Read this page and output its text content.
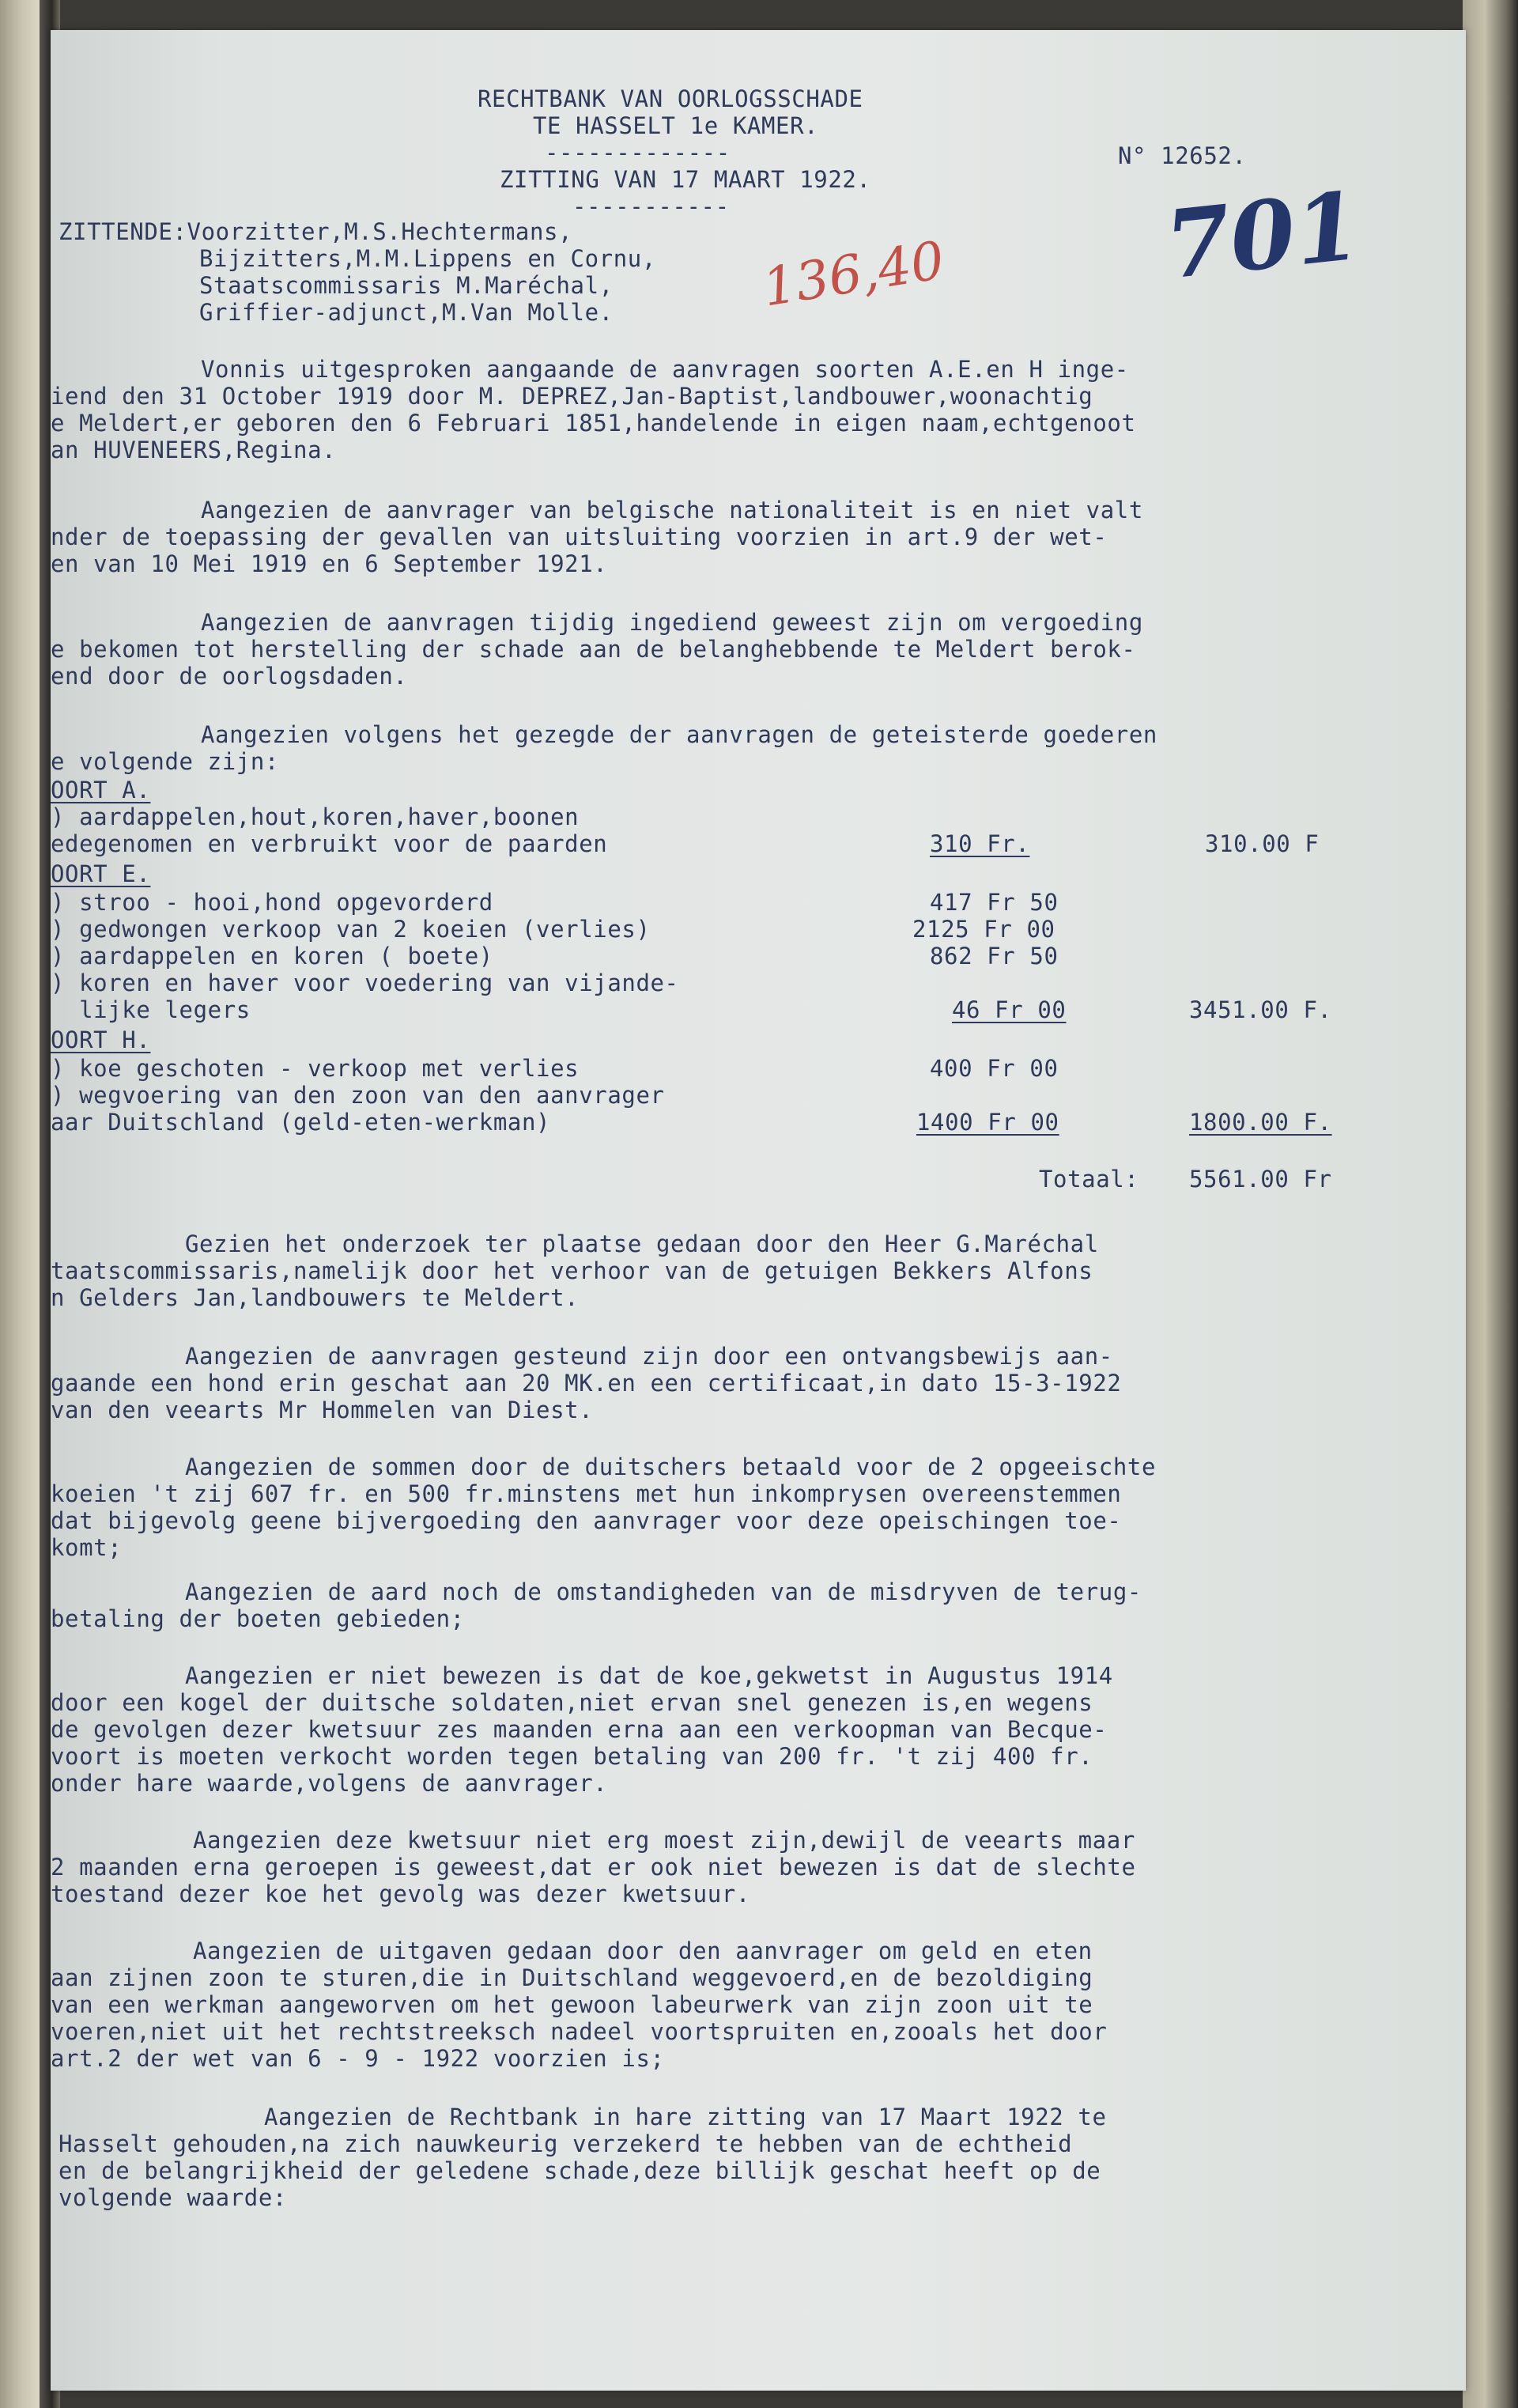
RECHTBANK VAN OORLOGSSCHADE
TE HASSELT 1e KAMER.
-------------
ZITTING VAN 17 MAART 1922.
-----------
N° 12652.
136,40 701
ZITTENDE:Voorzitter,M.S.Hechtermans,
Bijzitters,M.M.Lippens en Cornu,
Staatscommissaris M.Maréchal,
Griffier-adjunct,M.Van Molle.
Vonnis uitgesproken aangaande de aanvragen soorten A.E.en H inge-
iend den 31 October 1919 door M. DEPREZ,Jan-Baptist,landbouwer,woonachtig
e Meldert,er geboren den 6 Februari 1851,handelende in eigen naam,echtgenoot
an HUVENEERS,Regina.
Aangezien de aanvrager van belgische nationaliteit is en niet valt
nder de toepassing der gevallen van uitsluiting voorzien in art.9 der wet-
en van 10 Mei 1919 en 6 September 1921.
Aangezien de aanvragen tijdig ingediend geweest zijn om vergoeding
e bekomen tot herstelling der schade aan de belanghebbende te Meldert berok-
end door de oorlogsdaden.
Aangezien volgens het gezegde der aanvragen de geteisterde goederen
e volgende zijn:
OORT A.
) aardappelen,hout,koren,haver,boonen
edegenomen en verbruikt voor de paarden	310 Fr.	310.00 F
OORT E.
) stroo - hooi,hond opgevorderd	417 Fr 50
) gedwongen verkoop van 2 koeien (verlies)	2125 Fr 00
) aardappelen en koren ( boete)	862 Fr 50
) koren en haver voor voedering van vijande-
lijke legers	46 Fr 00	3451.00 F.
OORT H.
) koe geschoten - verkoop met verlies	400 Fr 00
) wegvoering van den zoon van den aanvrager
aar Duitschland (geld-eten-werkman)	1400 Fr 00	1800.00 F.
Totaal: 5561.00 Fr
Gezien het onderzoek ter plaatse gedaan door den Heer G.Maréchal
taatscommissaris,namelijk door het verhoor van de getuigen Bekkers Alfons
n Gelders Jan,landbouwers te Meldert.
Aangezien de aanvragen gesteund zijn door een ontvangsbewijs aan-
gaande een hond erin geschat aan 20 MK.en een certificaat,in dato 15-3-1922
van den veearts Mr Hommelen van Diest.
Aangezien de sommen door de duitschers betaald voor de 2 opgeeischte
koeien 't zij 607 fr. en 500 fr.minstens met hun inkomprysen overeenstemmen
dat bijgevolg geene bijvergoeding den aanvrager voor deze opeischingen toe-
komt;
Aangezien de aard noch de omstandigheden van de misdryven de terug-
betaling der boeten gebieden;
Aangezien er niet bewezen is dat de koe,gekwetst in Augustus 1914
door een kogel der duitsche soldaten,niet ervan snel genezen is,en wegens
de gevolgen dezer kwetsuur zes maanden erna aan een verkoopman van Becque-
voort is moeten verkocht worden tegen betaling van 200 fr. 't zij 400 fr.
onder hare waarde,volgens de aanvrager.
Aangezien deze kwetsuur niet erg moest zijn,dewijl de veearts maar
2 maanden erna geroepen is geweest,dat er ook niet bewezen is dat de slechte
toestand dezer koe het gevolg was dezer kwetsuur.
Aangezien de uitgaven gedaan door den aanvrager om geld en eten
aan zijnen zoon te sturen,die in Duitschland weggevoerd,en de bezoldiging
van een werkman aangeworven om het gewoon labeurwerk van zijn zoon uit te
voeren,niet uit het rechtstreeksch nadeel voortspruiten en,zooals het door
art.2 der wet van 6 - 9 - 1922 voorzien is;
Aangezien de Rechtbank in hare zitting van 17 Maart 1922 te
Hasselt gehouden,na zich nauwkeurig verzekerd te hebben van de echtheid
en de belangrijkheid der geledene schade,deze billijk geschat heeft op de
volgende waarde:
